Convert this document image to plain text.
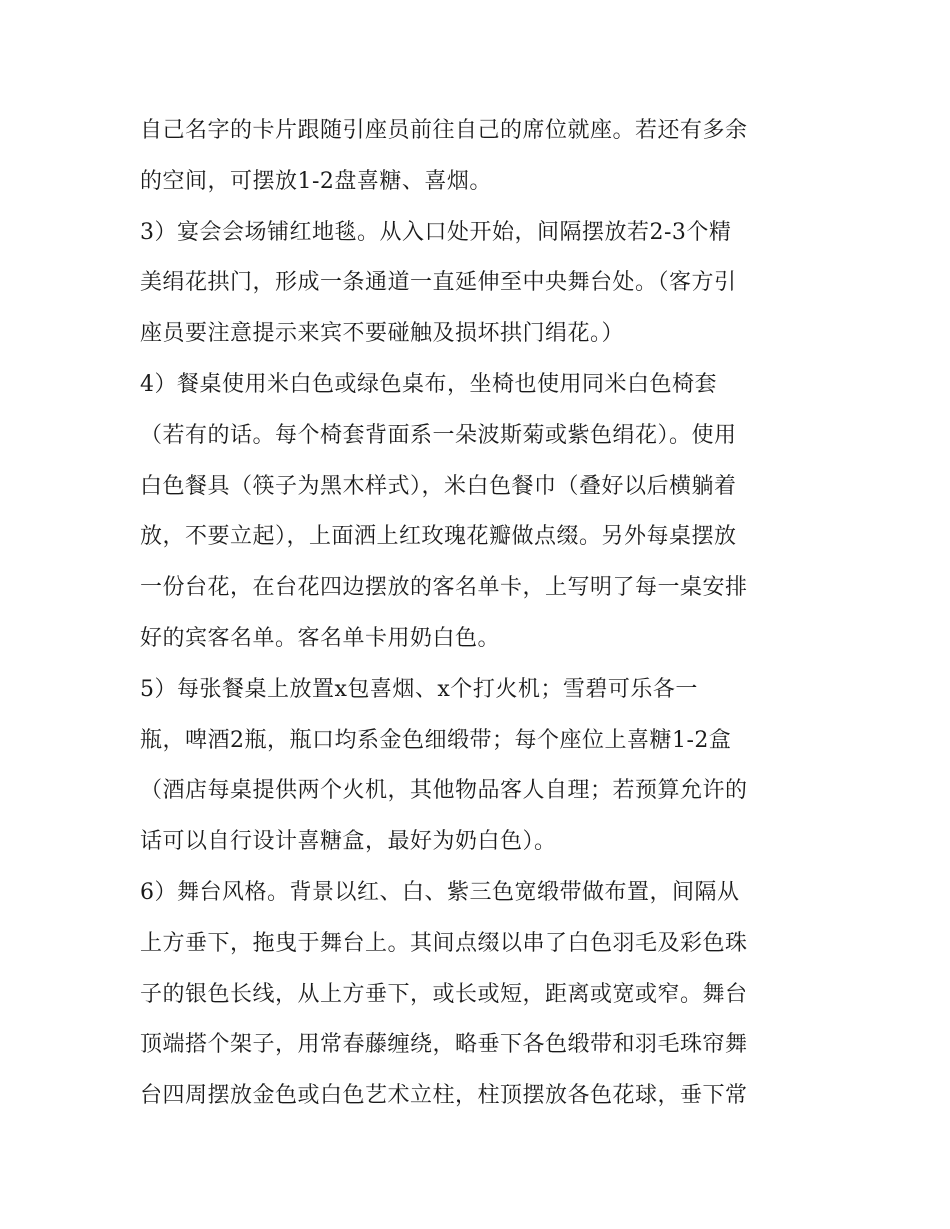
自己名字的卡片跟随引座员前往自己的席位就座。若还有多余
的空间，可摆放1-2盘喜糖、喜烟。
3）宴会会场铺红地毯。从入口处开始，间隔摆放若2-3个精
美绢花拱门，形成一条通道一直延伸至中央舞台处。（客方引
座员要注意提示来宾不要碰触及损坏拱门绢花。）
4）餐桌使用米白色或绿色桌布，坐椅也使用同米白色椅套
（若有的话。每个椅套背面系一朵波斯菊或紫色绢花）。使用
白色餐具（筷子为黑木样式），米白色餐巾（叠好以后横躺着
放，不要立起），上面洒上红玫瑰花瓣做点缀。另外每桌摆放
一份台花，在台花四边摆放的客名单卡，上写明了每一桌安排
好的宾客名单。客名单卡用奶白色。
5）每张餐桌上放置x包喜烟、x个打火机；雪碧可乐各一
瓶，啤酒2瓶，瓶口均系金色细缎带；每个座位上喜糖1-2盒
（酒店每桌提供两个火机，其他物品客人自理；若预算允许的
话可以自行设计喜糖盒，最好为奶白色）。
6）舞台风格。背景以红、白、紫三色宽缎带做布置，间隔从
上方垂下，拖曳于舞台上。其间点缀以串了白色羽毛及彩色珠
子的银色长线，从上方垂下，或长或短，距离或宽或窄。舞台
顶端搭个架子，用常春藤缠绕，略垂下各色缎带和羽毛珠帘舞
台四周摆放金色或白色艺术立柱，柱顶摆放各色花球，垂下常
